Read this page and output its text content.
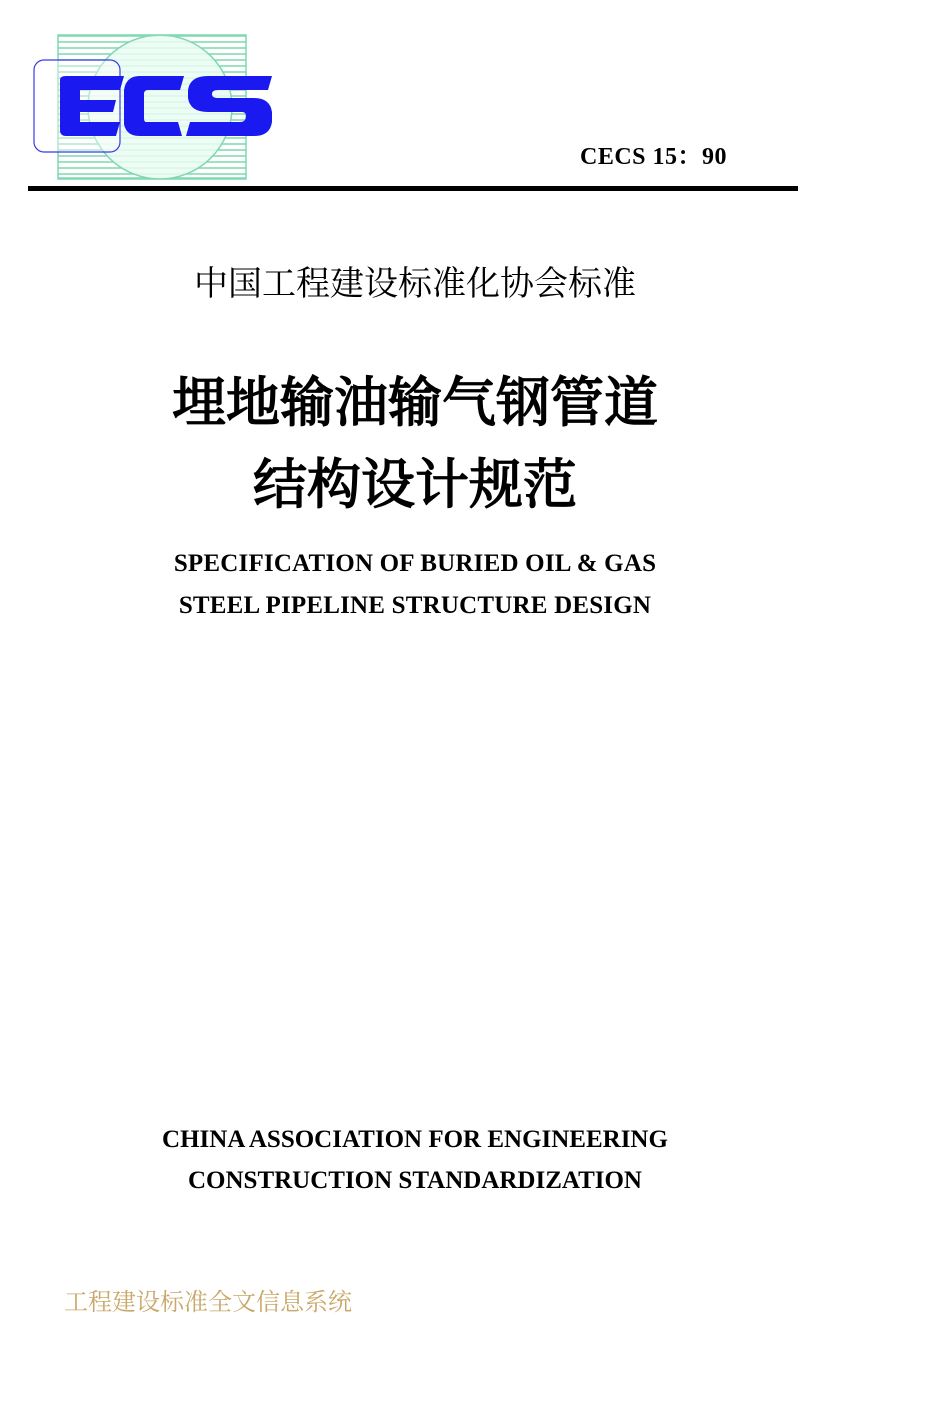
CECS 15：90
中国工程建设标准化协会标准
埋地输油输气钢管道
结构设计规范
SPECIFICATION OF BURIED OIL & GAS
STEEL PIPELINE STRUCTURE DESIGN
CHINA ASSOCIATION FOR ENGINEERING
CONSTRUCTION STANDARDIZATION
工程建设标准全文信息系统
